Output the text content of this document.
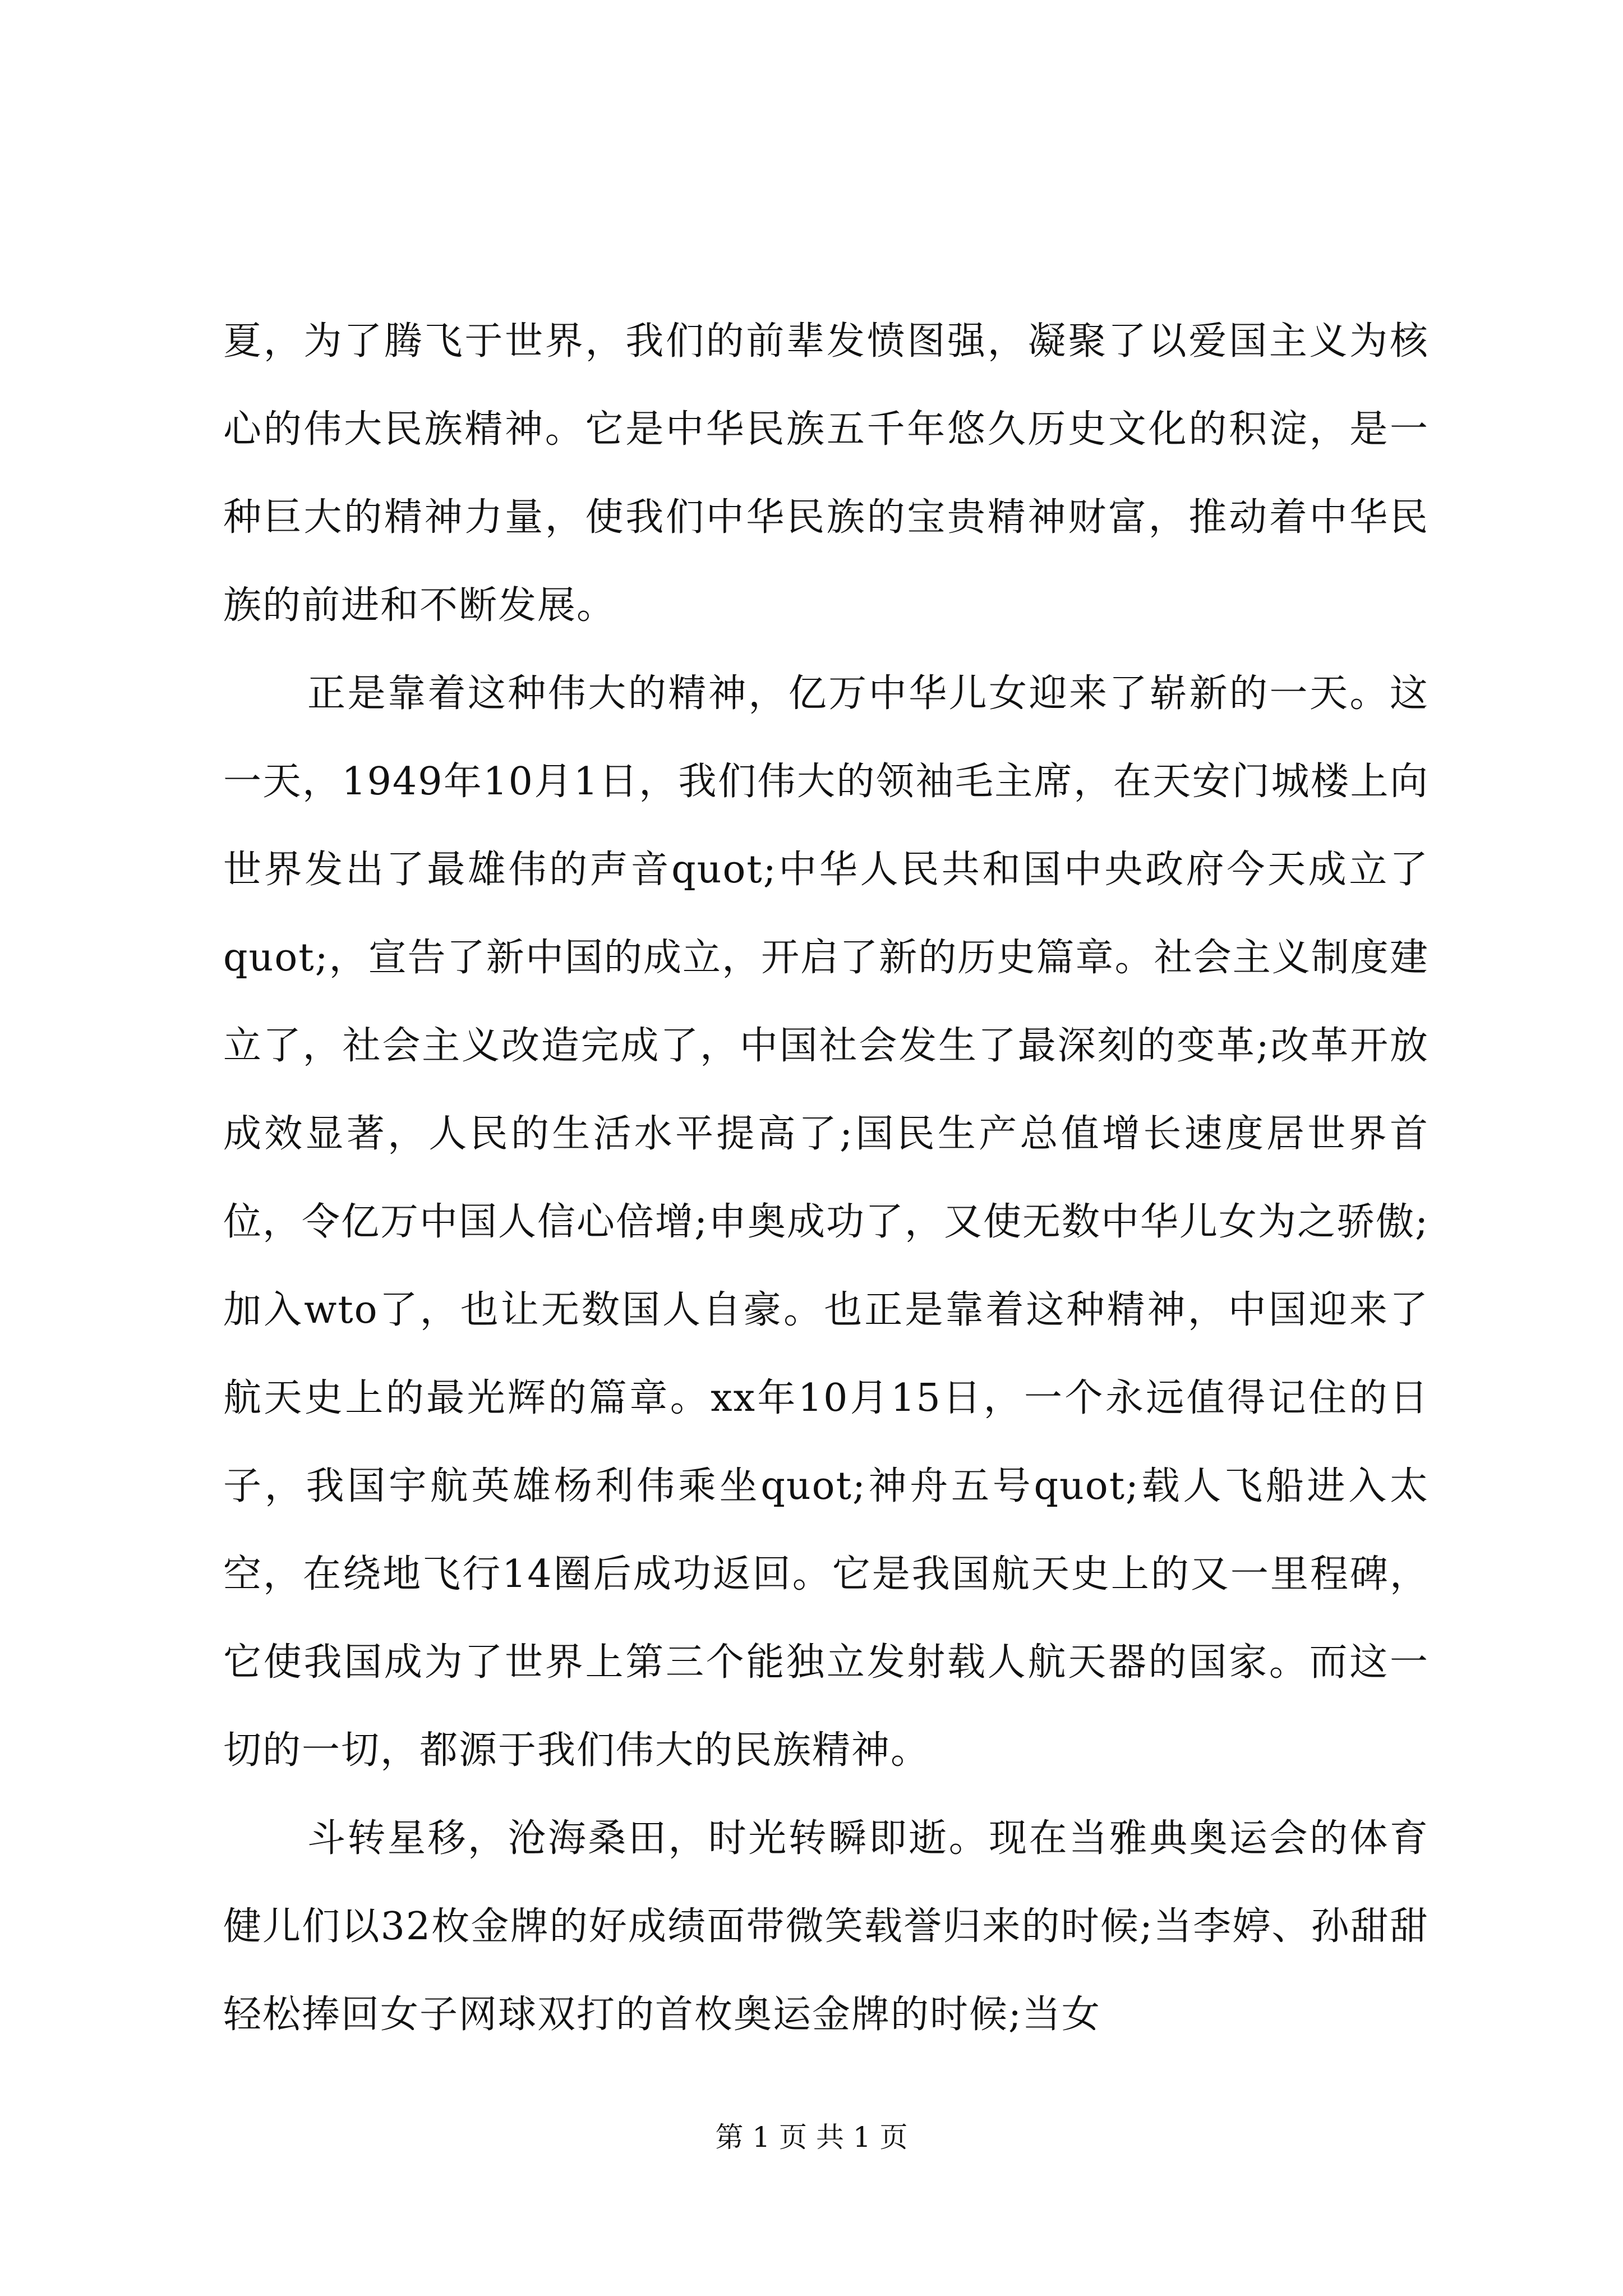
夏，为了腾飞于世界，我们的前辈发愤图强，凝聚了以爱国主义为核心的伟大民族精神。它是中华民族五千年悠久历史文化的积淀，是一种巨大的精神力量，使我们中华民族的宝贵精神财富，推动着中华民族的前进和不断发展。

正是靠着这种伟大的精神，亿万中华儿女迎来了崭新的一天。这一天，1949年10月1日，我们伟大的领袖毛主席，在天安门城楼上向世界发出了最雄伟的声音quot;中华人民共和国中央政府今天成立了quot;，宣告了新中国的成立，开启了新的历史篇章。社会主义制度建立了，社会主义改造完成了，中国社会发生了最深刻的变革;改革开放成效显著，人民的生活水平提高了;国民生产总值增长速度居世界首位，令亿万中国人信心倍增;申奥成功了，又使无数中华儿女为之骄傲;加入wto了，也让无数国人自豪。也正是靠着这种精神，中国迎来了航天史上的最光辉的篇章。xx年10月15日，一个永远值得记住的日子，我国宇航英雄杨利伟乘坐quot;神舟五号quot;载人飞船进入太空，在绕地飞行14圈后成功返回。它是我国航天史上的又一里程碑，它使我国成为了世界上第三个能独立发射载人航天器的国家。而这一切的一切，都源于我们伟大的民族精神。

斗转星移，沧海桑田，时光转瞬即逝。现在当雅典奥运会的体育健儿们以32枚金牌的好成绩面带微笑载誉归来的时候;当李婷、孙甜甜轻松捧回女子网球双打的首枚奥运金牌的时候;当女

第 1 页 共 1 页
